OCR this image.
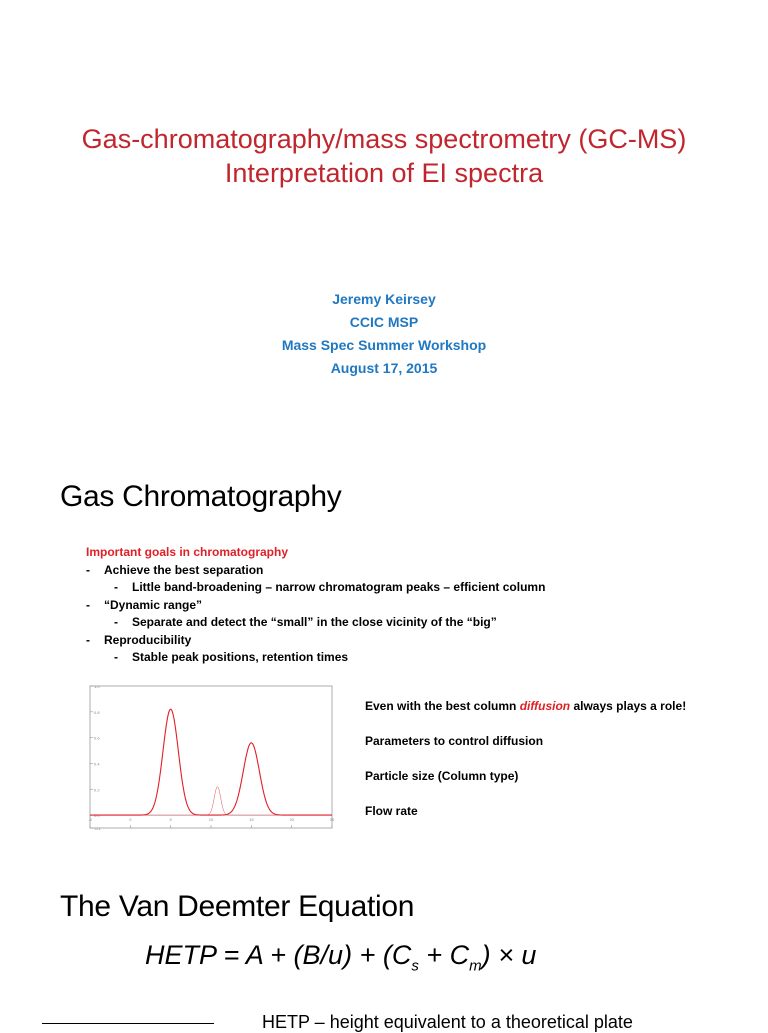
Gas-chromatography/mass spectrometry (GC-MS)
Interpretation of EI spectra
Jeremy Keirsey
CCIC MSP
Mass Spec Summer Workshop
August 17, 2015
Gas Chromatography
Important goals in chromatography
- Achieve the best separation
- Little band-broadening – narrow chromatogram peaks – efficient column
- “Dynamic range”
- Separate and detect the “small” in the close vicinity of the “big”
- Reproducibility
- Stable peak positions, retention times
-0.1
0.0
0.2
0.4
0.6
0.8
1.0
-5	0	5	10	15	20	25

Even with the best column diffusion always plays a role!

Parameters to control diffusion

Particle size (Column type)

Flow rate

The Van Deemter Equation
HETP = $A + (B/u) + (C_s + C_m) \times u$
HETP – height equivalent to a theoretical plate
